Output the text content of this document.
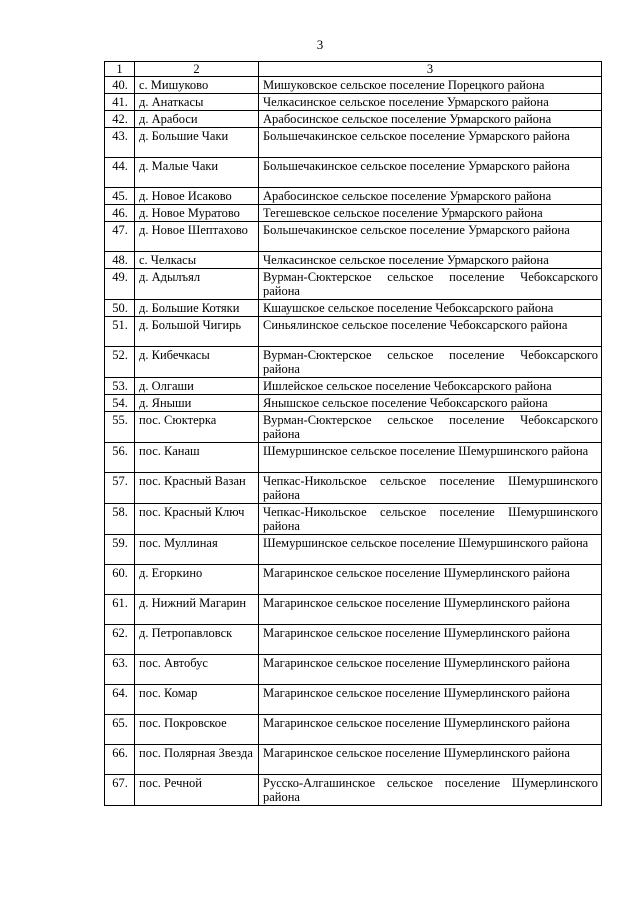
3
1	2	3
40.	с. Мишуково	Мишуковское сельское поселение Порецкого района
41.	д. Анаткасы	Челкасинское сельское поселение Урмарского района
42.	д. Арабоси	Арабосинское сельское поселение Урмарского района
43.	д. Большие Чаки	Большечакинское сельское поселение Урмарского района
44.	д. Малые Чаки	Большечакинское сельское поселение Урмарского района
45.	д. Новое Исаково	Арабосинское сельское поселение Урмарского района
46.	д. Новое Муратово	Тегешевское сельское поселение Урмарского района
47.	д. Новое Шептахово	Большечакинское сельское поселение Урмарского района
48.	с. Челкасы	Челкасинское сельское поселение Урмарского района
49.	д. Адылъял	Вурман-Сюктерское сельское поселение Чебоксарского района
50.	д. Большие Котяки	Кшаушское сельское поселение Чебоксарского района
51.	д. Большой Чигирь	Синьялинское сельское поселение Чебоксарского района
52.	д. Кибечкасы	Вурман-Сюктерское сельское поселение Чебоксарского района
53.	д. Олгаши	Ишлейское сельское поселение Чебоксарского района
54.	д. Яныши	Янышское сельское поселение Чебоксарского района
55.	пос. Сюктерка	Вурман-Сюктерское сельское поселение Чебоксарского района
56.	пос. Канаш	Шемуршинское сельское поселение Шемуршинского района
57.	пос. Красный Вазан	Чепкас-Никольское сельское поселение Шемуршинского района
58.	пос. Красный Ключ	Чепкас-Никольское сельское поселение Шемуршинского района
59.	пос. Муллиная	Шемуршинское сельское поселение Шемуршинского района
60.	д. Егоркино	Магаринское сельское поселение Шумерлинского района
61.	д. Нижний Магарин	Магаринское сельское поселение Шумерлинского района
62.	д. Петропавловск	Магаринское сельское поселение Шумерлинского района
63.	пос. Автобус	Магаринское сельское поселение Шумерлинского района
64.	пос. Комар	Магаринское сельское поселение Шумерлинского района
65.	пос. Покровское	Магаринское сельское поселение Шумерлинского района
66.	пос. Полярная Звезда	Магаринское сельское поселение Шумерлинского района
67.	пос. Речной	Русско-Алгашинское сельское поселение Шумерлинского района
